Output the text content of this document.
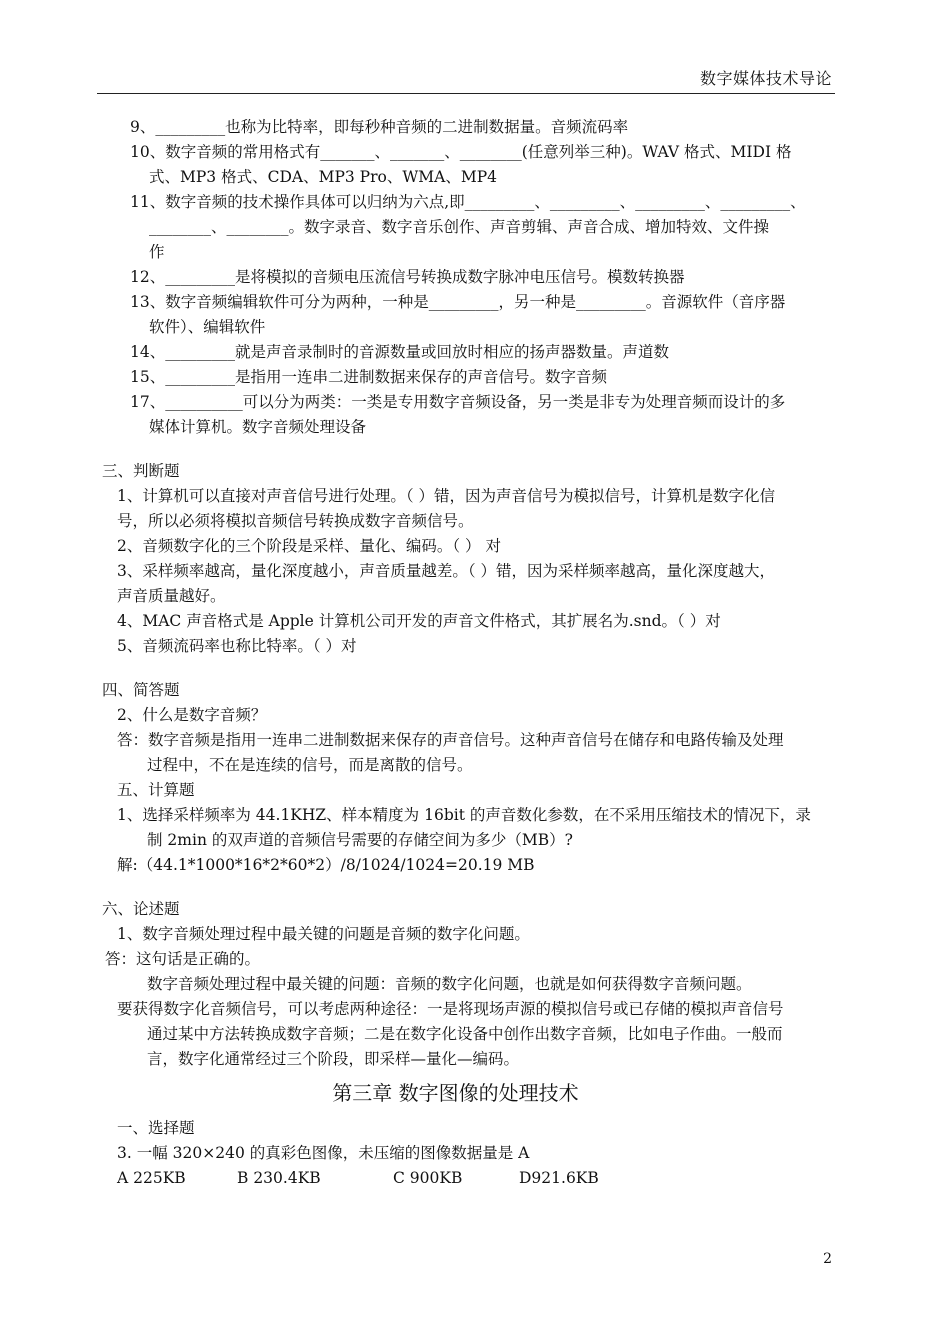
数字媒体技术导论
9、_________也称为比特率，即每秒种音频的二进制数据量。音频流码率
10、数字音频的常用格式有_______、_______、________(任意列举三种)。WAV 格式、MIDI 格
式、MP3 格式、CDA、MP3 Pro、WMA、MP4
11、数字音频的技术操作具体可以归纳为六点,即_________、_________、_________、_________、
________、________。数字录音、数字音乐创作、声音剪辑、声音合成、增加特效、文件操
作
12、_________是将模拟的音频电压流信号转换成数字脉冲电压信号。模数转换器
13、数字音频编辑软件可分为两种，一种是_________，另一种是_________。音源软件（音序器
软件）、编辑软件
14、_________就是声音录制时的音源数量或回放时相应的扬声器数量。声道数
15、_________是指用一连串二进制数据来保存的声音信号。数字音频
17、__________可以分为两类：一类是专用数字音频设备，另一类是非专为处理音频而设计的多
媒体计算机。数字音频处理设备
三、判断题
1、计算机可以直接对声音信号进行处理。（ ）错，因为声音信号为模拟信号，计算机是数字化信
号，所以必须将模拟音频信号转换成数字音频信号。
2、音频数字化的三个阶段是采样、量化、编码。（ ） 对
3、采样频率越高，量化深度越小，声音质量越差。（ ）错，因为采样频率越高，量化深度越大，
声音质量越好。
4、MAC 声音格式是 Apple 计算机公司开发的声音文件格式，其扩展名为.snd。（ ）对
5、音频流码率也称比特率。（ ）对
四、简答题
2、什么是数字音频？
答：数字音频是指用一连串二进制数据来保存的声音信号。这种声音信号在储存和电路传输及处理
过程中，不在是连续的信号，而是离散的信号。
五、计算题
1、选择采样频率为 44.1KHZ、样本精度为 16bit 的声音数化参数，在不采用压缩技术的情况下，录
制 2min 的双声道的音频信号需要的存储空间为多少（MB）?
解:（44.1*1000*16*2*60*2）/8/1024/1024=20.19 MB
六、论述题
1、数字音频处理过程中最关键的问题是音频的数字化问题。
答：这句话是正确的。
数字音频处理过程中最关键的问题：音频的数字化问题，也就是如何获得数字音频问题。
要获得数字化音频信号，可以考虑两种途径：一是将现场声源的模拟信号或已存储的模拟声音信号
通过某中方法转换成数字音频；二是在数字化设备中创作出数字音频，比如电子作曲。一般而
言，数字化通常经过三个阶段，即采样—量化—编码。
第三章 数字图像的处理技术
一、选择题
3. 一幅 320×240 的真彩色图像，未压缩的图像数据量是 A
A 225KB	B 230.4KB	C 900KB	D921.6KB
2
